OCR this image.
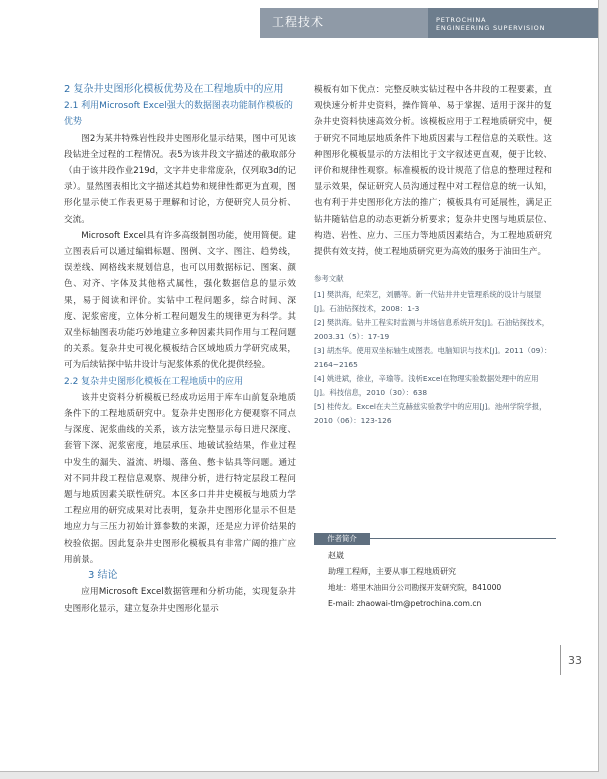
工程技术	PETROCHINA
ENGINEERING SUPERVISION
2 复杂井史图形化模板优势及在工程地质中的应用
2.1 利用Microsoft Excel强大的数据图表功能制作模板的优势

图2为某井特殊岩性段井史图形化显示结果，图中可见该段钻进全过程的工程情况。表5为该井段文字描述的截取部分（由于该井段作业219d，文字井史非常庞杂，仅列取3d的记录）。显然图表相比文字描述其趋势和规律性都更为直观，图形化显示使工作表更易于理解和讨论，方便研究人员分析、交流。

Microsoft Excel具有许多高级制图功能，使用简便。建立图表后可以通过编辑标题、图例、文字、图注、趋势线，误差线、网格线来规划信息，也可以用数据标记、图案、颜色、对齐、字体及其他格式属性，强化数据信息的显示效果，易于阅读和评价。实钻中工程问题多，综合时间、深度、泥浆密度，立体分析工程问题发生的规律更为科学。其双坐标轴图表功能巧妙地建立多种因素共同作用与工程问题的关系。复杂井史可视化模板结合区域地质力学研究成果，可为后续钻探中钻井设计与泥浆体系的优化提供经验。

2.2 复杂井史图形化模板在工程地质中的应用

该井史资料分析模板已经成功运用于库车山前复杂地质条件下的工程地质研究中。复杂井史图形化方便观察不同点与深度、泥浆曲线的关系，该方法完整显示每日进尺深度、套管下深、泥浆密度，地层承压、地破试验结果，作业过程中发生的漏失、溢流、坍塌、落鱼、憋卡钻具等问题。通过对不同井段工程信息观察、规律分析，进行特定层段工程问题与地质因素关联性研究。本区多口井井史模板与地质力学工程应用的研究成果对比表明，复杂井史图形化显示不但是地应力与三压力初始计算参数的来源，还是应力评价结果的校验依据。因此复杂井史图形化模板具有非常广阔的推广应用前景。

3 结论

应用Microsoft Excel数据管理和分析功能，实现复杂井史图形化显示，建立复杂井史图形化显示

模板有如下优点：完整反映实钻过程中各井段的工程要素，直观快速分析井史资料，操作简单、易于掌握、适用于深井的复杂井史资料快速高效分析。该模板应用于工程地质研究中，便于研究不同地层地质条件下地质因素与工程信息的关联性。这种图形化模板显示的方法相比于文字叙述更直观，便于比较、评价和规律性观察。标准模板的设计规范了信息的整理过程和显示效果，保证研究人员沟通过程中对工程信息的统一认知，也有利于井史图形化方法的推广；模板具有可延展性，满足正钻井随钻信息的动态更新分析要求；复杂井史图与地质层位、构造、岩性、应力、三压力等地质因素结合，为工程地质研究提供有效支持，使工程地质研究更为高效的服务于油田生产。

参考文献

[1] 樊洪海，纪荣艺，刘鹏等。新一代钻井井史管理系统的设计与展望[J]。石油钻探技术，2008：1-3

[2] 樊洪海。钻井工程实时监测与井场信息系统开发[J]。石油钻探技术，2003.31（5）：17-19

[3] 胡杰华。使用双坐标轴生成图表。电脑知识与技术[J]。2011（09）：2164~2165

[4] 姚进斌，徐业，辛瑜等。浅析Excel在物理实验数据处理中的应用[J]。科技信息，2010（30）：638

[5] 桂传友。Excel在夫兰克赫兹实验教学中的应用[J]。池州学院学报，2010（06）：123-126

作者简介
赵崴
助理工程师，主要从事工程地质研究
地址：塔里木油田分公司勘探开发研究院，841000
E-mail: zhaowai-tlm@petrochina.com.cn
33
